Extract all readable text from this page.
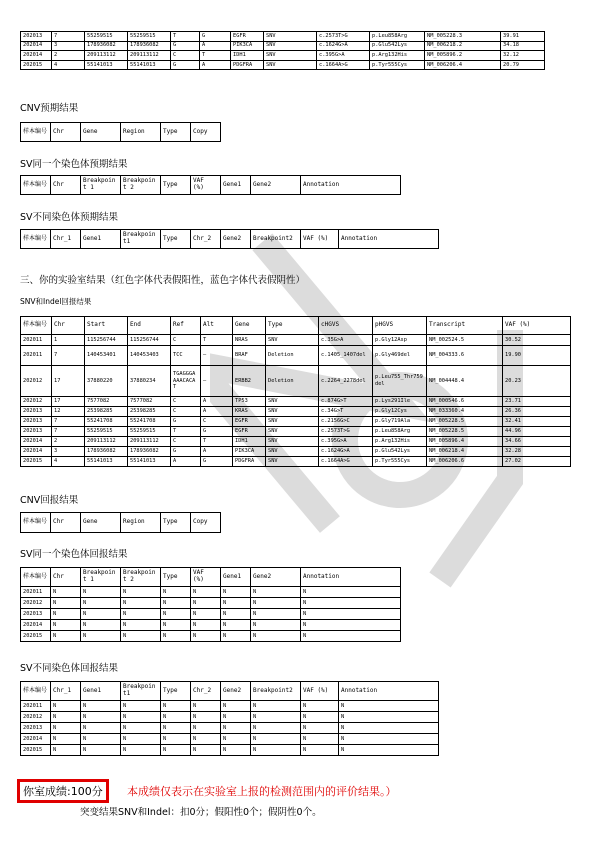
202013	7	55259515	55259515	T	G	EGFR	SNV	c.2573T>G	p.Leu858Arg	NM_005228.3	39.91
202014	3	178936082	178936082	G	A	PIK3CA	SNV	c.1624G>A	p.Glu542Lys	NM_006218.2	34.18
202014	2	209113112	209113112	C	T	IDH1	SNV	c.395G>A	p.Arg132His	NM_005896.2	32.12
202015	4	55141013	55141013	G	A	PDGFRA	SNV	c.1664A>G	p.Tyr555Cys	NM_006206.4	20.79
CNV预期结果
样本编号	Chr	Gene	Region	Type	Copy
SV同一个染色体预期结果
样本编号	Chr	Breakpoint 1	Breakpoint 2	Type	VAF (%)	Gene1	Gene2	Annotation
SV不同染色体预期结果
样本编号	Chr_1	Gene1	Breakpoint1	Type	Chr_2	Gene2	Breakpoint2	VAF (%)	Annotation
三、你的实验室结果（红色字体代表假阳性，蓝色字体代表假阴性）
SNV和Indel回报结果
样本编号	Chr	Start	End	Ref	Alt	Gene	Type	cHGVS	pHGVS	Transcript	VAF (%)
202011	1	115256744	115256744	C	T	NRAS	SNV	c.35G>A	p.Gly12Asp	NM_002524.5	30.52
202011	7	140453401	140453403	TCC	—	BRAF	Deletion	c.1405_1407del	p.Gly469del	NM_004333.6	19.90
202012	17	37880220	37880234	TGAGGGAAAACACAT	—	ERBB2	Deletion	c.2264_2278del	p.Leu755_Thr759del	NM_004448.4	20.23
202012	17	7577082	7577082	C	A	TP53	SNV	c.874G>T	p.Lys291Ile	NM_000546.6	23.71
202013	12	25398285	25398285	C	A	KRAS	SNV	c.34G>T	p.Gly12Cys	NM_033360.4	26.36
202013	7	55241708	55241708	G	C	EGFR	SNV	c.2156G>C	p.Gly719Ala	NM_005228.5	32.41
202013	7	55259515	55259515	T	G	EGFR	SNV	c.2573T>G	p.Leu858Arg	NM_005228.5	44.96
202014	2	209113112	209113112	C	T	IDH1	SNV	c.395G>A	p.Arg132His	NM_005896.4	34.66
202014	3	178936082	178936082	G	A	PIK3CA	SNV	c.1624G>A	p.Glu542Lys	NM_006218.4	32.28
202015	4	55141013	55141013	A	G	PDGFRA	SNV	c.1664A>G	p.Tyr555Cys	NM_006206.6	27.02
CNV回报结果
样本编号	Chr	Gene	Region	Type	Copy
SV同一个染色体回报结果
样本编号	Chr	Breakpoint 1	Breakpoint 2	Type	VAF (%)	Gene1	Gene2	Annotation
202011	N	N	N	N	N	N	N	N
202012	N	N	N	N	N	N	N	N
202013	N	N	N	N	N	N	N	N
202014	N	N	N	N	N	N	N	N
202015	N	N	N	N	N	N	N	N
SV不同染色体回报结果
样本编号	Chr_1	Gene1	Breakpoint1	Type	Chr_2	Gene2	Breakpoint2	VAF (%)	Annotation
202011	N	N	N	N	N	N	N	N	N
202012	N	N	N	N	N	N	N	N	N
202013	N	N	N	N	N	N	N	N	N
202014	N	N	N	N	N	N	N	N	N
202015	N	N	N	N	N	N	N	N	N
你室成绩:100分	本成绩仅表示在实验室上报的检测范围内的评价结果。）
突变结果SNV和Indel：扣0分；假阳性0个；假阴性0个。
